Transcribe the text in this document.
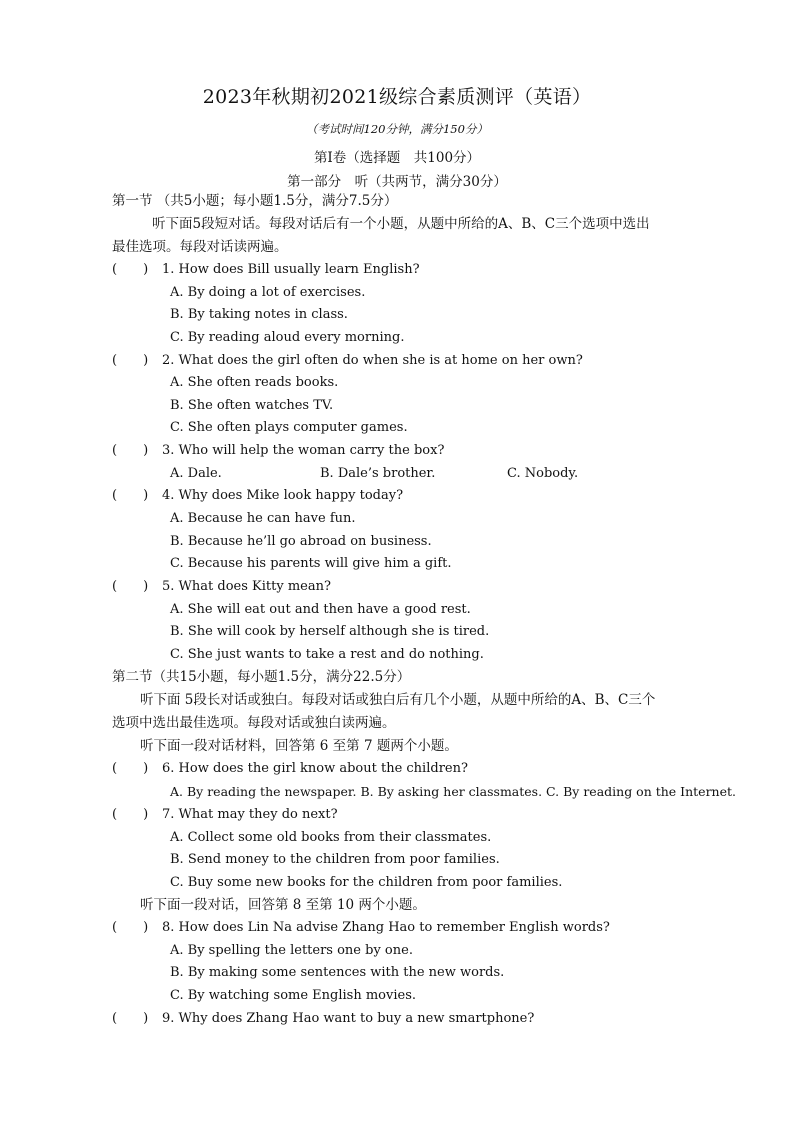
2023年秋期初2021级综合素质测评（英语）
（考试时间120分钟，满分150分）
第Ⅰ卷（选择题　共100分）
第一部分　听（共两节，满分30分）
第一节 （共5小题；每小题1.5分，满分7.5分）
听下面5段短对话。每段对话后有一个小题，从题中所给的A、B、C三个选项中选出
最佳选项。每段对话读两遍。
(　　) 1. How does Bill usually learn English?
A. By doing a lot of exercises.
B. By taking notes in class.
C. By reading aloud every morning.
(　　) 2. What does the girl often do when she is at home on her own?
A. She often reads books.
B. She often watches TV.
C. She often plays computer games.
(　　) 3. Who will help the woman carry the box?
A. Dale.	B. Dale’s brother.	C. Nobody.
(　　) 4. Why does Mike look happy today?
A. Because he can have fun.
B. Because he’ll go abroad on business.
C. Because his parents will give him a gift.
(　　) 5. What does Kitty mean?
A. She will eat out and then have a good rest.
B. She will cook by herself although she is tired.
C. She just wants to take a rest and do nothing.
第二节（共15小题，每小题1.5分，满分22.5分）
听下面 5段长对话或独白。每段对话或独白后有几个小题，从题中所给的A、B、C三个
选项中选出最佳选项。每段对话或独白读两遍。
听下面一段对话材料，回答第 6 至第 7 题两个小题。
(　　) 6. How does the girl know about the children?
A. By reading the newspaper. B. By asking her classmates. C. By reading on the Internet.
(　　) 7. What may they do next?
A. Collect some old books from their classmates.
B. Send money to the children from poor families.
C. Buy some new books for the children from poor families.
听下面一段对话，回答第 8 至第 10 两个小题。
(　　) 8. How does Lin Na advise Zhang Hao to remember English words?
A. By spelling the letters one by one.
B. By making some sentences with the new words.
C. By watching some English movies.
(　　) 9. Why does Zhang Hao want to buy a new smartphone?
